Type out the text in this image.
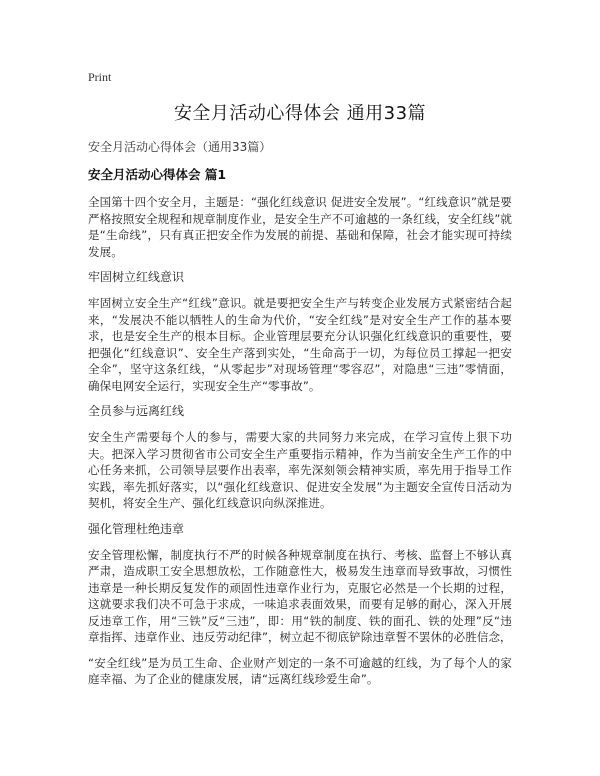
Print
安全月活动心得体会 通用33篇
安全月活动心得体会（通用33篇）
安全月活动心得体会 篇1

全国第十四个安全月，主题是：“强化红线意识 促进安全发展”。“红线意识”就是要严格按照安全规程和规章制度作业，是安全生产不可逾越的一条红线，安全红线”就是“生命线”，只有真正把安全作为发展的前提、基础和保障，社会才能实现可持续发展。

牢固树立红线意识

牢固树立安全生产“红线”意识。就是要把安全生产与转变企业发展方式紧密结合起来，“发展决不能以牺牲人的生命为代价，“安全红线”是对安全生产工作的基本要求，也是安全生产的根本目标。企业管理层要充分认识强化红线意识的重要性，要把强化“红线意识”、安全生产落到实处，“生命高于一切，为每位员工撑起一把安全伞”，坚守这条红线，“从零起步”对现场管理“零容忍”，对隐患“三违”零情面，确保电网安全运行，实现安全生产“零事故”。

全员参与远离红线

安全生产需要每个人的参与，需要大家的共同努力来完成，在学习宣传上狠下功夫。把深入学习贯彻省市公司安全生产重要指示精神，作为当前安全生产工作的中心任务来抓，公司领导层要作出表率，率先深刻领会精神实质，率先用于指导工作实践，率先抓好落实，以“强化红线意识、促进安全发展”为主题安全宣传日活动为契机，将安全生产、强化红线意识向纵深推进。

强化管理杜绝违章

安全管理松懈，制度执行不严的时候各种规章制度在执行、考核、监督上不够认真严肃，造成职工安全思想放松，工作随意性大，极易发生违章而导致事故，习惯性违章是一种长期反复发作的顽固性违章作业行为，克服它必然是一个长期的过程，这就要求我们决不可急于求成，一味追求表面效果，而要有足够的耐心，深入开展反违章工作，用“三铁”反“三违”，即：用“铁的制度、铁的面孔、铁的处理”反“违章指挥、违章作业、违反劳动纪律”，树立起不彻底铲除违章誓不罢休的必胜信念，

“安全红线”是为员工生命、企业财产划定的一条不可逾越的红线，为了每个人的家庭幸福、为了企业的健康发展，请“远离红线珍爱生命”。
